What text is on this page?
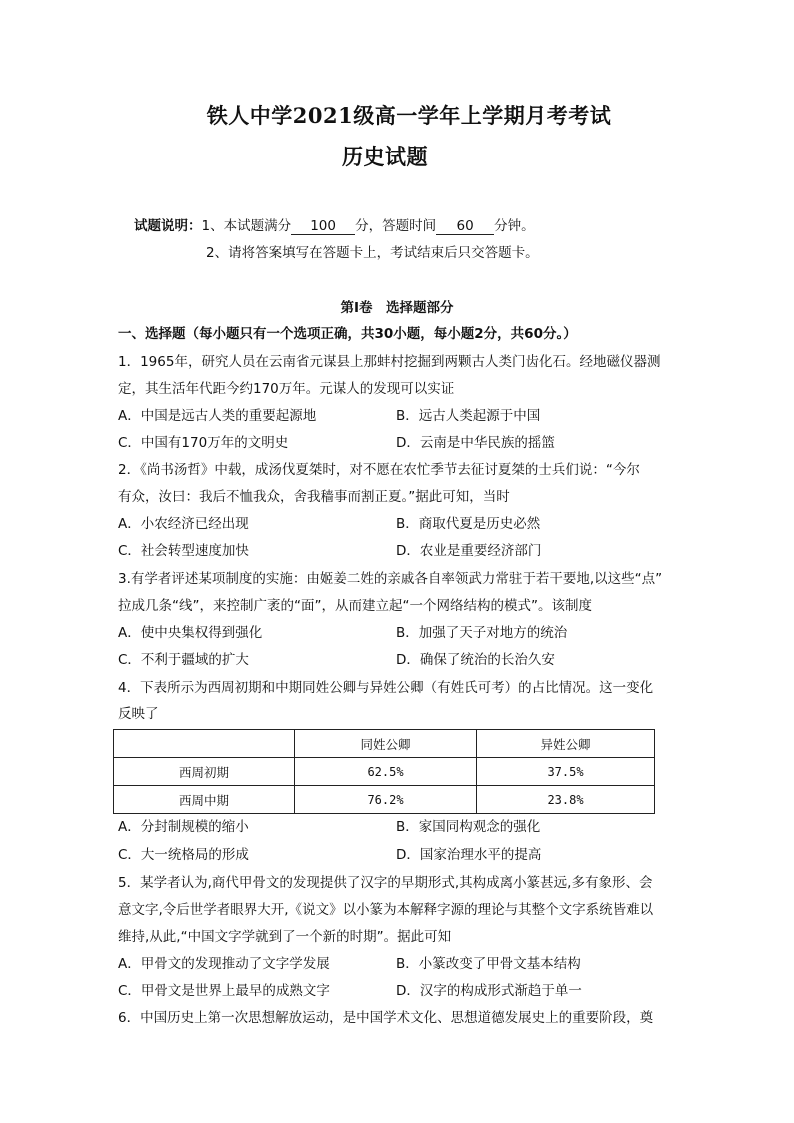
铁人中学2021级高一学年上学期月考考试
历史试题
试题说明：1、本试题满分 100 分，答题时间 60 分钟。
2、请将答案填写在答题卡上，考试结束后只交答题卡。
第Ⅰ卷　选择题部分
一、选择题（每小题只有一个选项正确，共30小题，每小题2分，共60分。）
1．1965年，研究人员在云南省元谋县上那蚌村挖掘到两颗古人类门齿化石。经地磁仪器测
定，其生活年代距今约170万年。元谋人的发现可以实证
A．中国是远古人类的重要起源地	B．远古人类起源于中国
C．中国有170万年的文明史	D．云南是中华民族的摇篮
2．《尚书汤哲》中载，成汤伐夏桀时，对不愿在农忙季节去征讨夏桀的士兵们说：“今尔
有众，汝曰：我后不恤我众，舍我穑事而割正夏。”据此可知，当时
A．小农经济已经出现	B．商取代夏是历史必然
C．社会转型速度加快	D．农业是重要经济部门
3.有学者评述某项制度的实施：由姬姜二姓的亲戚各自率领武力常驻于若干要地,以这些“点”
拉成几条“线”，来控制广袤的“面”，从而建立起“一个网络结构的模式”。该制度
A．使中央集权得到强化	B．加强了天子对地方的统治
C．不利于疆域的扩大	D．确保了统治的长治久安
4．下表所示为西周初期和中期同姓公卿与异姓公卿（有姓氏可考）的占比情况。这一变化
反映了
	同姓公卿	异姓公卿
西周初期	62.5%	37.5%
西周中期	76.2%	23.8%
A．分封制规模的缩小	B．家国同构观念的强化
C．大一统格局的形成	D．国家治理水平的提高
5．某学者认为,商代甲骨文的发现提供了汉字的早期形式,其构成离小篆甚远,多有象形、会
意文字,令后世学者眼界大开,《说文》以小篆为本解释字源的理论与其整个文字系统皆难以
维持,从此,“中国文字学就到了一个新的时期”。据此可知
A．甲骨文的发现推动了文字学发展	B．小篆改变了甲骨文基本结构
C．甲骨文是世界上最早的成熟文字	D．汉字的构成形式渐趋于单一
6．中国历史上第一次思想解放运动，是中国学术文化、思想道德发展史上的重要阶段，奠
